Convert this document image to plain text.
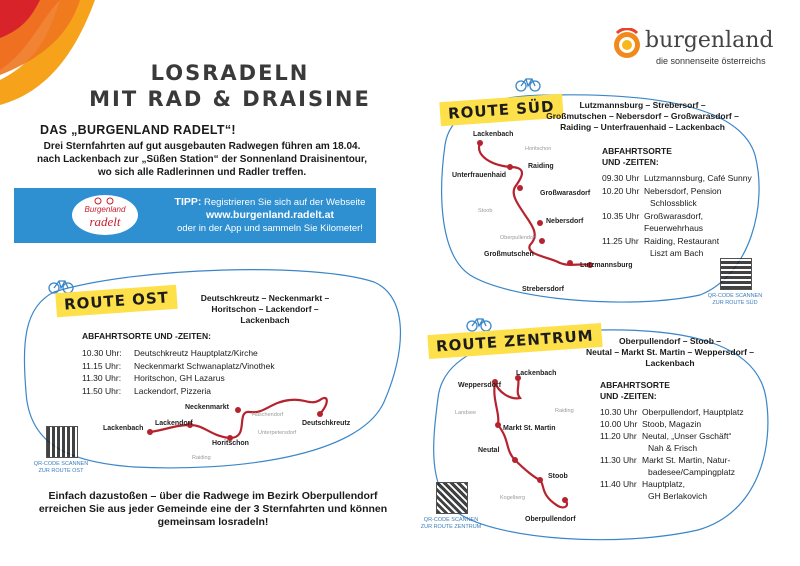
burgenland
die sonnenseite österreichs
LOSRADELN
MIT RAD & DRAISINE
DAS „BURGENLAND RADELT“!
Drei Sternfahrten auf gut ausgebauten Radwegen führen am 18.04.
nach Lackenbach zur „Süßen Station“ der Sonnenland Draisinentour,
wo sich alle Radlerinnen und Radler treffen.
Burgenland
radelt
TIPP: Registrieren Sie sich auf der Webseite
www.burgenland.radelt.at
oder in der App und sammeln Sie Kilometer!
ROUTE OST	Deutschkreutz – Neckenmarkt –
Horitschon – Lackendorf –
Lackenbach
ABFAHRTSORTE UND -ZEITEN:
10.30 Uhr:	Deutschkreutz Hauptplatz/Kirche
11.15 Uhr:	Neckenmarkt Schwanaplatz/Vinothek
11.30 Uhr:	Horitschon, GH Lazarus
11.50 Uhr:	Lackendorf, Pizzeria
Lackenbach
Lackendorf
Horitschon
Neckenmarkt
Deutschkreutz
Haschendorf
Unterpetersdorf
Raiding
QR-CODE SCANNEN
ZUR ROUTE OST
Einfach dazustoßen – über die Radwege im Bezirk Oberpullendorf
erreichen Sie aus jeder Gemeinde eine der 3 Sternfahrten und können
gemeinsam losradeln!
ROUTE SÜD	Lutzmannsburg – Strebersorf –
Großmutschen – Nebersdorf – Großwarasdorf –
Raiding – Unterfrauenhaid – Lackenbach
ABFAHRTSORTE
UND -ZEITEN:
09.30 Uhr	Lutzmannsburg, Café Sunny
10.20 Uhr	Nebersdorf, Pension
	Schlossblick
10.35 Uhr	Großwarasdorf,
	Feuerwehrhaus
11.25 Uhr	Raiding, Restaurant
	Liszt am Bach
Lackenbach
Raiding
Unterfrauenhaid
Großwarasdorf
Nebersdorf
Großmutschen
Lutzmannsburg
Strebersdorf
Horitschon
Stoob
Oberpullendorf
QR-CODE SCANNEN
ZUR ROUTE SÜD
ROUTE ZENTRUM	Oberpullendorf – Stoob –
Neutal – Markt St. Martin – Weppersdorf –
Lackenbach
ABFAHRTSORTE
UND -ZEITEN:
10.30 Uhr	Oberpullendorf, Hauptplatz
10.00 Uhr	Stoob, Magazin
11.20 Uhr	Neutal, „Unser Gschäft“
	Nah & Frisch
11.30 Uhr	Markt St. Martin, Natur-
	badesee/Campingplatz
11.40 Uhr	Hauptplatz,
	GH Berlakovich
Lackenbach
Weppersdorf
Markt St. Martin
Neutal
Stoob
Oberpullendorf
Landsee	Raiding
Kogelberg
QR-CODE SCANNEN
ZUR ROUTE ZENTRUM
